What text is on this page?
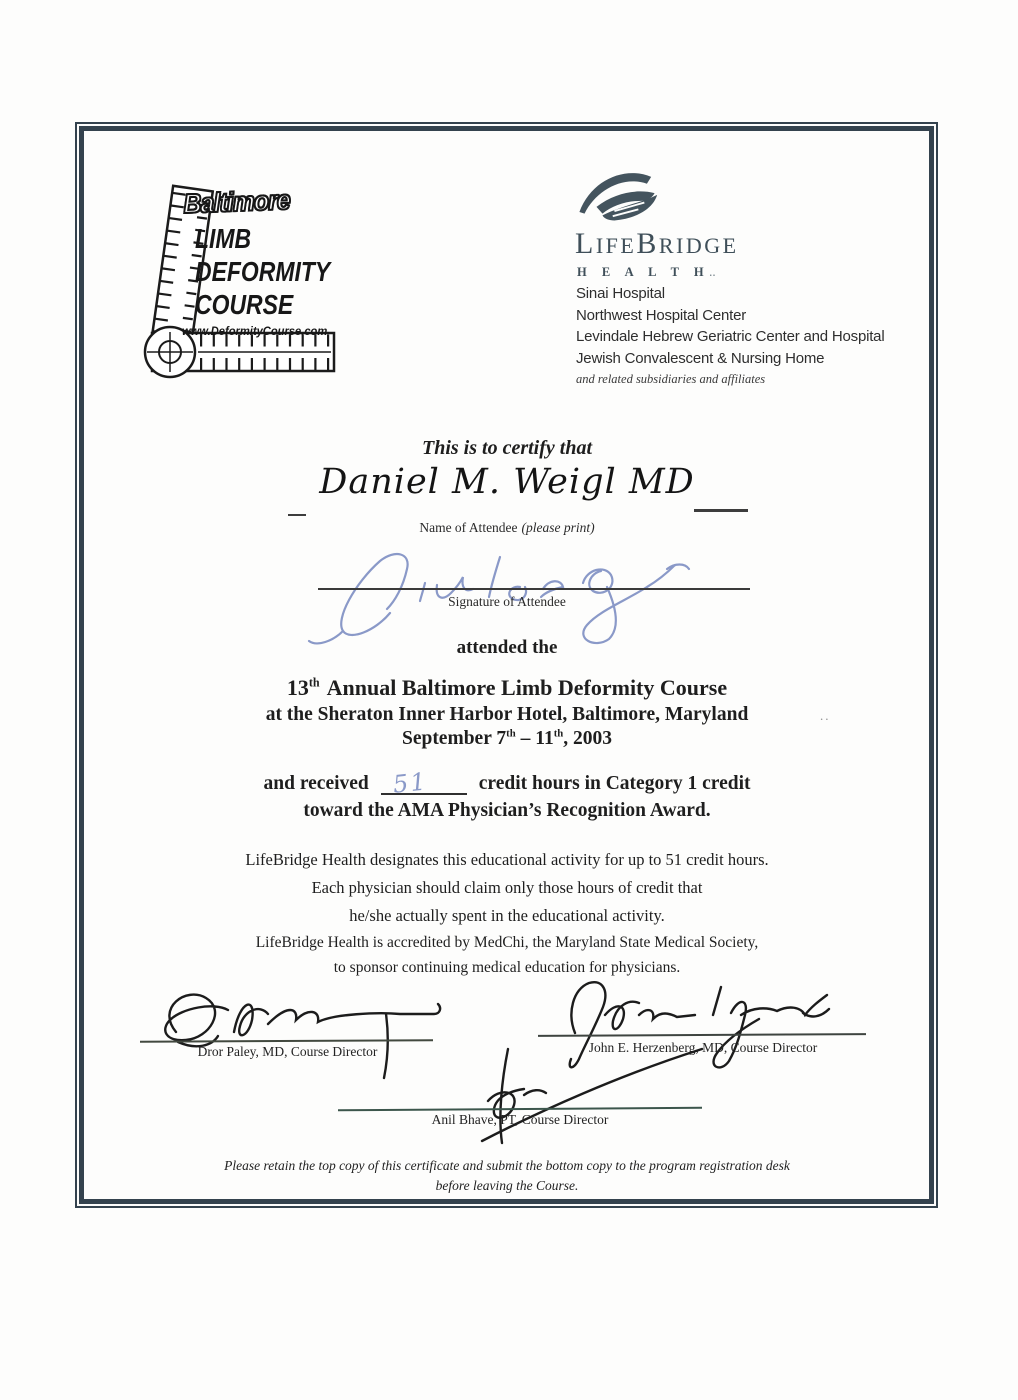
Baltimore
LIMB
DEFORMITY
COURSE
www.DeformityCourse.com
LIFEBRIDGE
H E A L T H..
Sinai Hospital
Northwest Hospital Center
Levindale Hebrew Geriatric Center and Hospital
Jewish Convalescent & Nursing Home
and related subsidiaries and affiliates
This is to certify that
Daniel M. Weigl MD
Name of Attendee (please print)
Signature of Attendee
attended the
13th Annual Baltimore Limb Deformity Course
at the Sheraton Inner Harbor Hotel, Baltimore, Maryland
September 7th – 11th, 2003
..
and received 51	credit hours in Category 1 credit
toward the AMA Physician’s Recognition Award.
LifeBridge Health designates this educational activity for up to 51 credit hours.
Each physician should claim only those hours of credit that
he/she actually spent in the educational activity.
LifeBridge Health is accredited by MedChi, the Maryland State Medical Society,
to sponsor continuing medical education for physicians.
Dror Paley, MD, Course Director	John E. Herzenberg, MD, Course Director
Anil Bhave, PT, Course Director
Please retain the top copy of this certificate and submit the bottom copy to the program registration desk
before leaving the Course.
